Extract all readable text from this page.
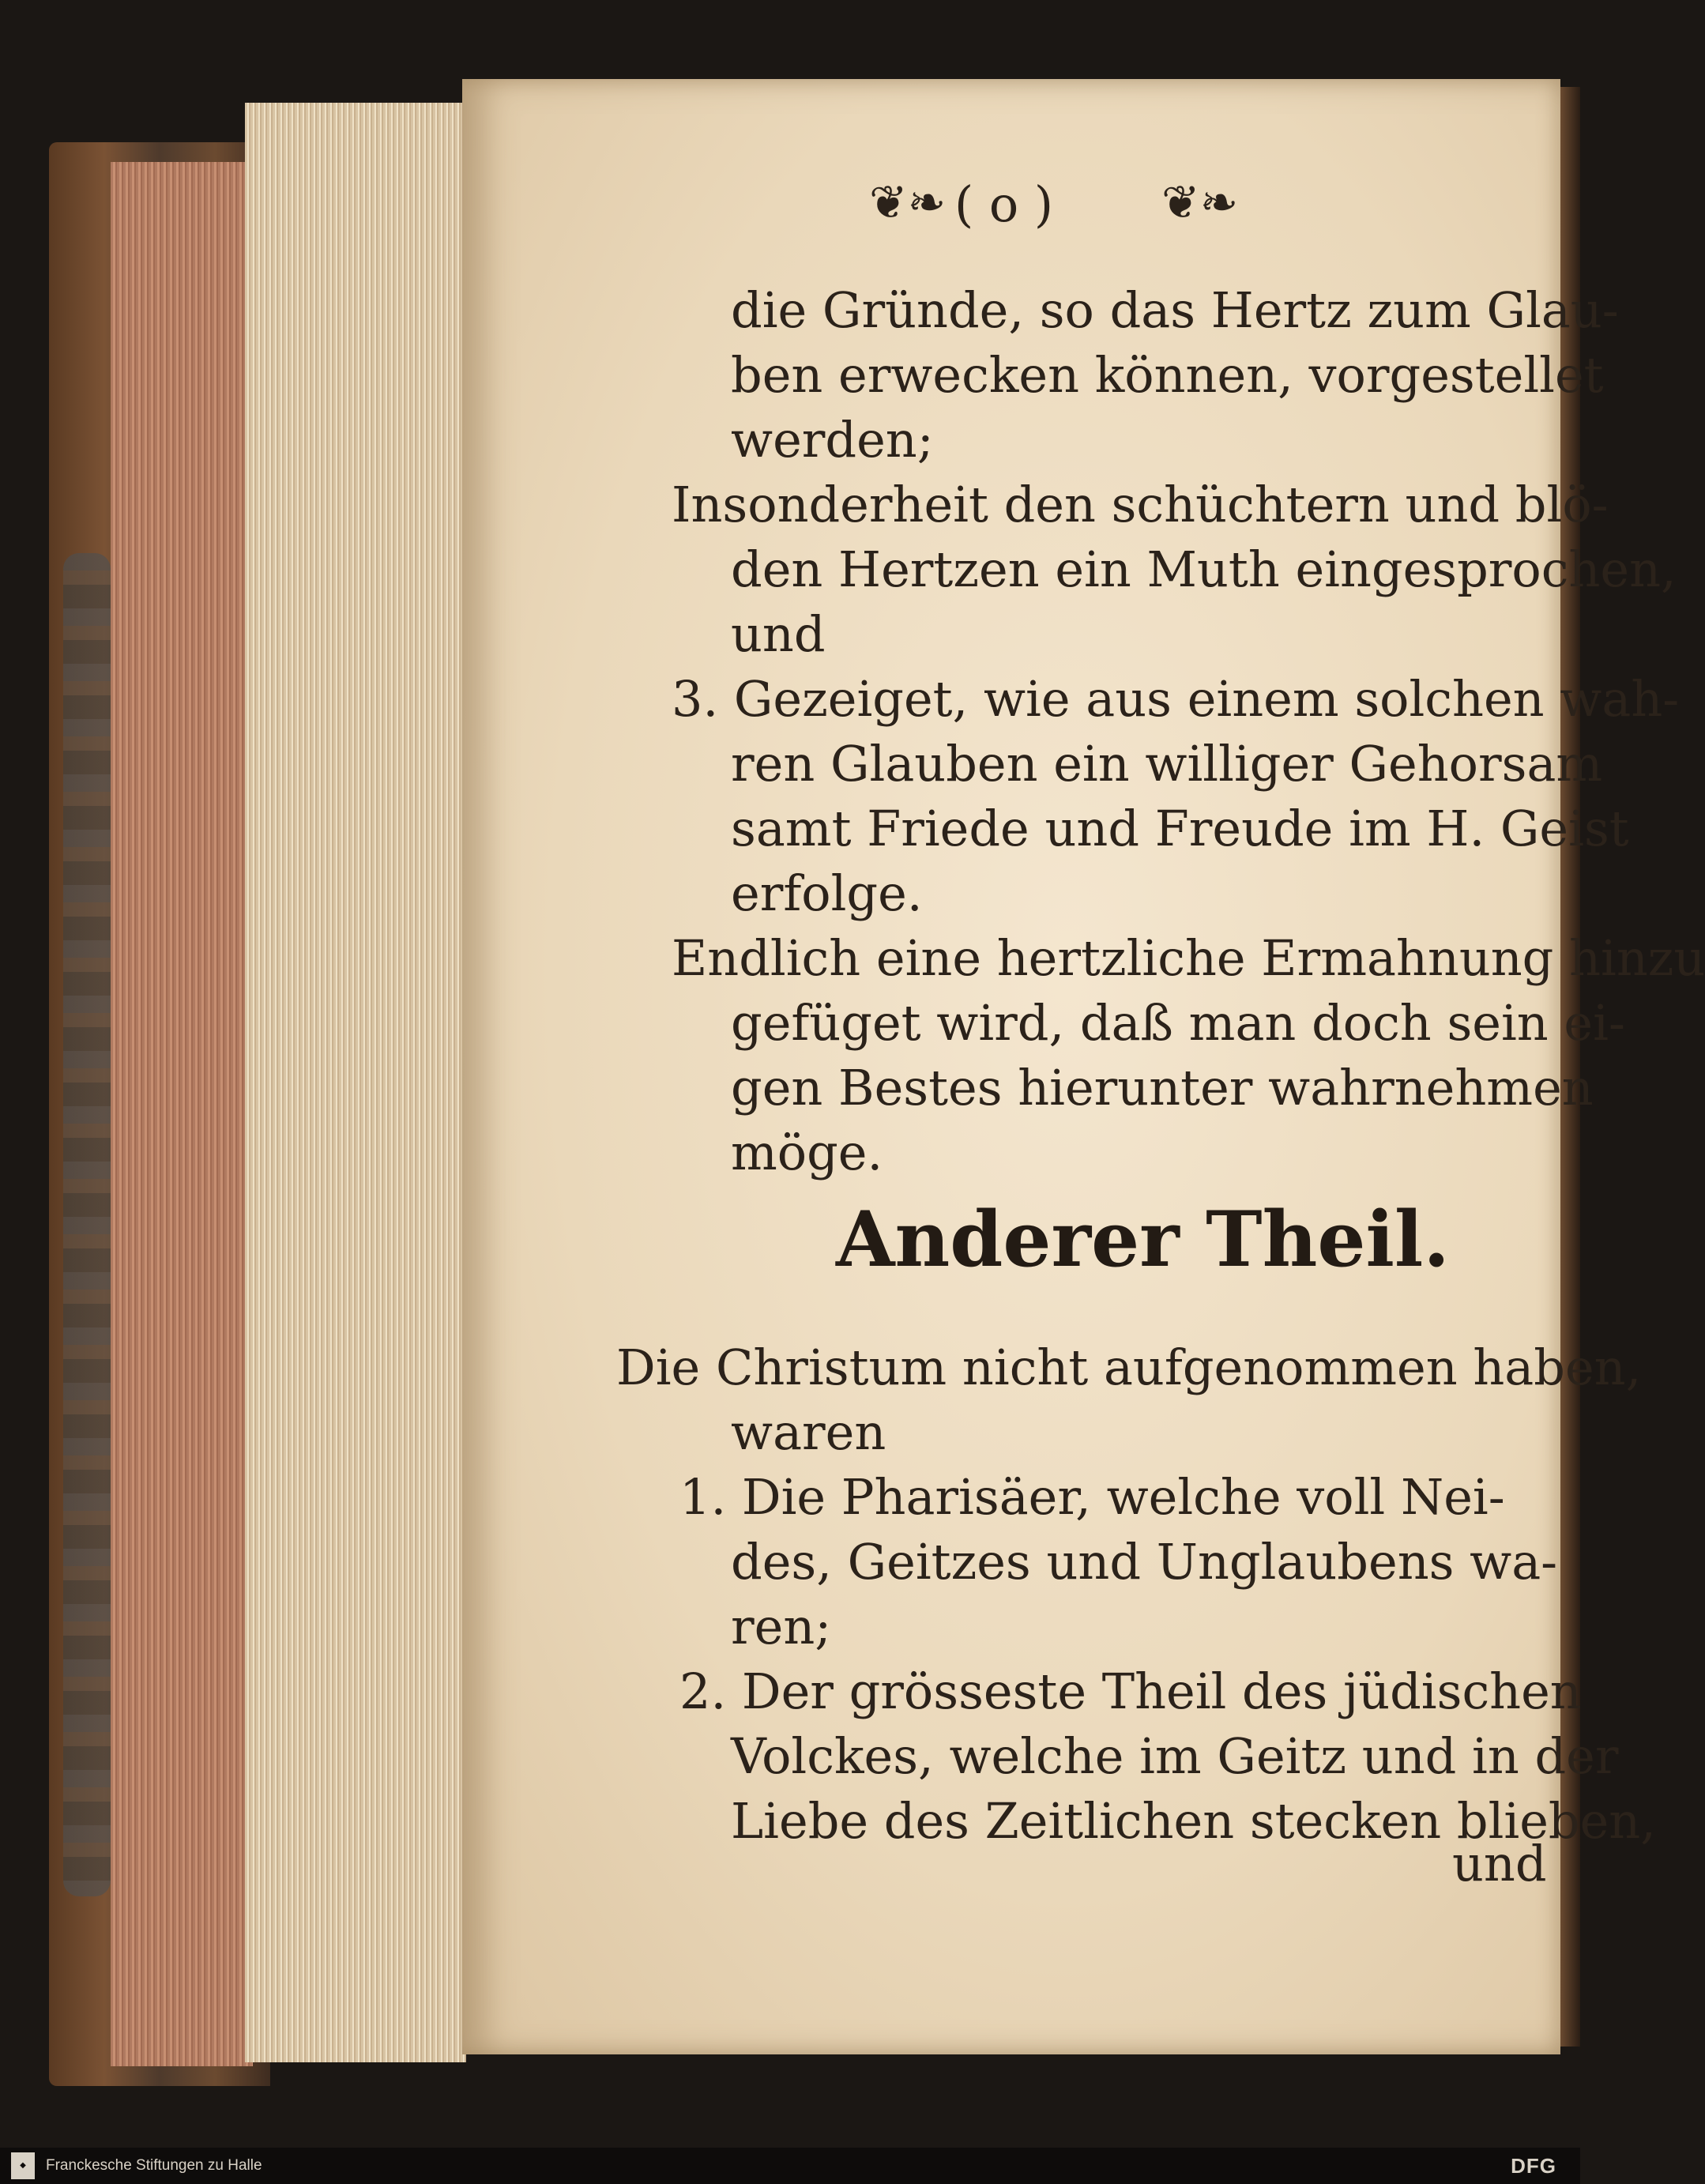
❦❧ ( o ) ❦❧
die Gründe, so das Hertz zum Glau-
ben erwecken können, vorgestellet
werden;
Insonderheit den schüchtern und blö-
den Hertzen ein Muth eingesprochen,
und
3. Gezeiget, wie aus einem solchen wah-
ren Glauben ein williger Gehorsam
samt Friede und Freude im H. Geist
erfolge.
Endlich eine hertzliche Ermahnung hinzu
gefüget wird, daß man doch sein ei-
gen Bestes hierunter wahrnehmen
möge.
Anderer Theil.
Die Christum nicht aufgenommen haben,
waren
1. Die Pharisäer, welche voll Nei-
des, Geitzes und Unglaubens wa-
ren;
2. Der grösseste Theil des jüdischen
Volckes, welche im Geitz und in der
Liebe des Zeitlichen stecken blieben,
und
◆	Franckesche Stiftungen zu Halle	DFG
